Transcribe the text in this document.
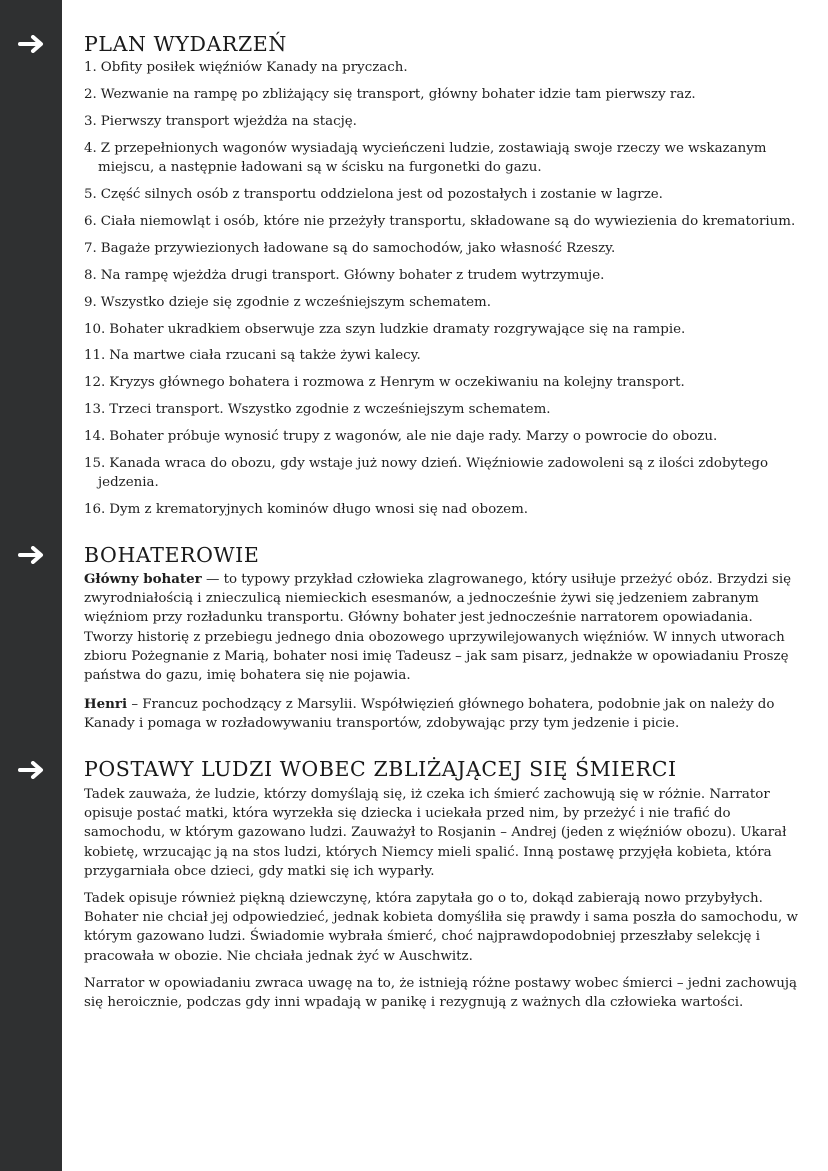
PLAN WYDARZEŃ
1. Obfity posiłek więźniów Kanady na pryczach.
2. Wezwanie na rampę po zbliżający się transport, główny bohater idzie tam pierwszy raz.
3. Pierwszy transport wjeżdża na stację.
4. Z przepełnionych wagonów wysiadają wycieńczeni ludzie, zostawiają swoje rzeczy we wskazanym miejscu, a następnie ładowani są w ścisku na furgonetki do gazu.
5. Część silnych osób z transportu oddzielona jest od pozostałych i zostanie w lagrze.
6. Ciała niemowląt i osób, które nie przeżyły transportu, składowane są do wywiezienia do krematorium.
7. Bagaże przywiezionych ładowane są do samochodów, jako własność Rzeszy.
8. Na rampę wjeżdża drugi transport. Główny bohater z trudem wytrzymuje.
9. Wszystko dzieje się zgodnie z wcześniejszym schematem.
10. Bohater ukradkiem obserwuje zza szyn ludzkie dramaty rozgrywające się na rampie.
11. Na martwe ciała rzucani są także żywi kalecy.
12. Kryzys głównego bohatera i rozmowa z Henrym w oczekiwaniu na kolejny transport.
13. Trzeci transport. Wszystko zgodnie z wcześniejszym schematem.
14. Bohater próbuje wynosić trupy z wagonów, ale nie daje rady. Marzy o powrocie do obozu.
15. Kanada wraca do obozu, gdy wstaje już nowy dzień. Więźniowie zadowoleni są z ilości zdobytego jedzenia.
16. Dym z krematoryjnych kominów długo wnosi się nad obozem.
BOHATEROWIE

Główny bohater — to typowy przykład człowieka zlagrowanego, który usiłuje przeżyć obóz. Brzydzi się zwyrodniałością i znieczulicą niemieckich esesmanów, a jednocześnie żywi się jedzeniem zabranym więźniom przy rozładunku transportu. Główny bohater jest jednocześnie narratorem opowiadania. Tworzy historię z przebiegu jednego dnia obozowego uprzywilejowanych więźniów. W innych utworach zbioru Pożegnanie z Marią, bohater nosi imię Tadeusz – jak sam pisarz, jednakże w opowiadaniu Proszę państwa do gazu, imię bohatera się nie pojawia.

Henri – Francuz pochodzący z Marsylii. Współwięzień głównego bohatera, podobnie jak on należy do Kanady i pomaga w rozładowywaniu transportów, zdobywając przy tym jedzenie i picie.

POSTAWY LUDZI WOBEC ZBLIŻAJĄCEJ SIĘ ŚMIERCI

Tadek zauważa, że ludzie, którzy domyślają się, iż czeka ich śmierć zachowują się w różnie. Narrator opisuje postać matki, która wyrzekła się dziecka i uciekała przed nim, by przeżyć i nie trafić do samochodu, w którym gazowano ludzi. Zauważył to Rosjanin – Andrej (jeden z więźniów obozu). Ukarał kobietę, wrzucając ją na stos ludzi, których Niemcy mieli spalić. Inną postawę przyjęła kobieta, która przygarniała obce dzieci, gdy matki się ich wyparły.

Tadek opisuje również piękną dziewczynę, która zapytała go o to, dokąd zabierają nowo przybyłych. Bohater nie chciał jej odpowiedzieć, jednak kobieta domyśliła się prawdy i sama poszła do samochodu, w którym gazowano ludzi. Świadomie wybrała śmierć, choć najprawdopodobniej przeszłaby selekcję i pracowała w obozie. Nie chciała jednak żyć w Auschwitz.

Narrator w opowiadaniu zwraca uwagę na to, że istnieją różne postawy wobec śmierci – jedni zachowują się heroicznie, podczas gdy inni wpadają w panikę i rezygnują z ważnych dla człowieka wartości.
